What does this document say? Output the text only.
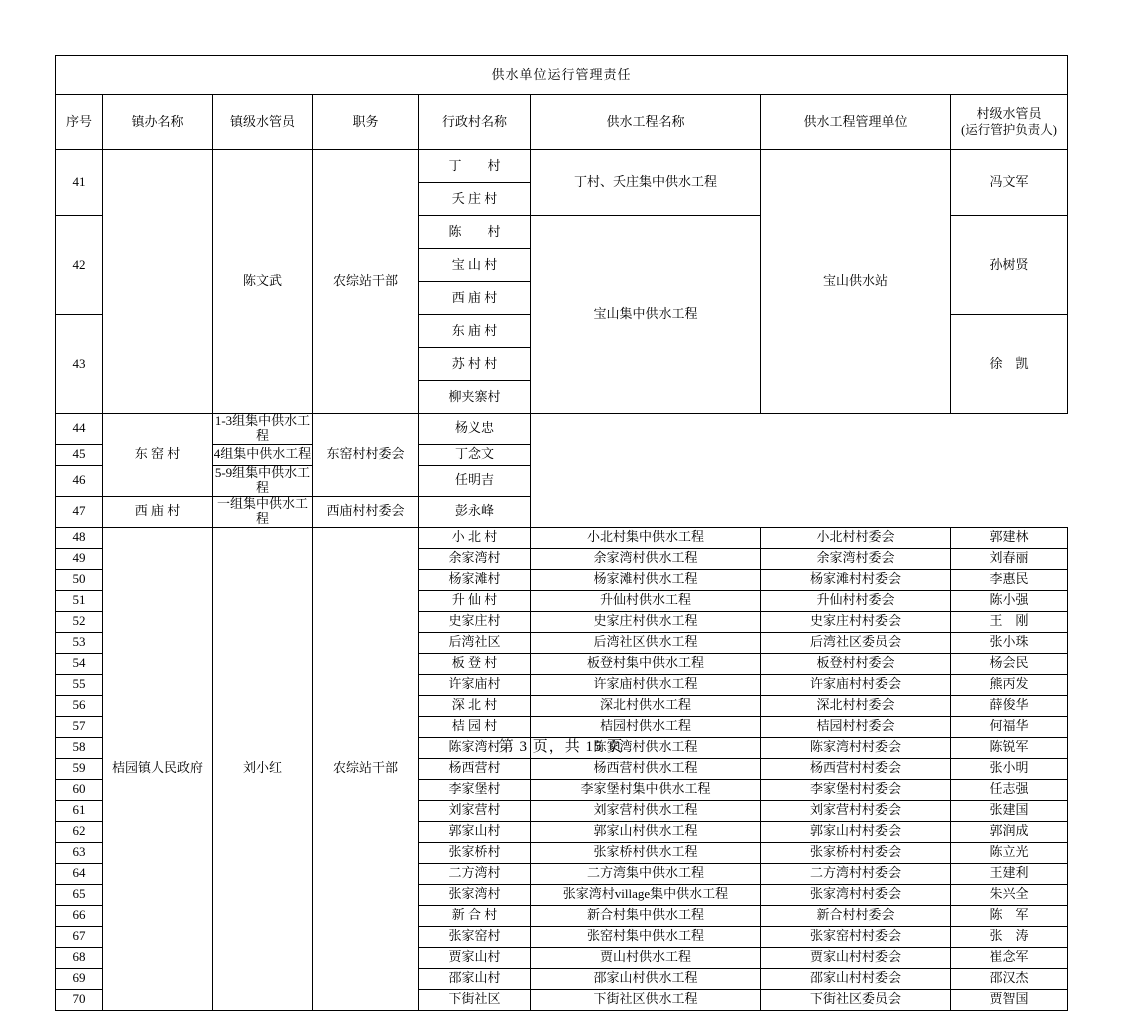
供水单位运行管理责任							
序号	镇办名称	镇级水管员	职务	行政村名称	供水工程名称	供水工程管理单位	村级水管员
(运行管护负责人)

41		陈文武	农综站干部	丁　　村	丁村、夭庄集中供水工程	宝山供水站	冯文军
				夭 庄 村			
42				陈　　村	宝山集中供水工程		孙树贤
				宝 山 村			
				西 庙 村			
43				东 庙 村			徐　凯
				苏 村 村			
				柳夹寨村			
44	东 窑 村	1-3组集中供水工程	东窑村村委会	杨义忠			
45		4组集中供水工程		丁念文			
46		5-9组集中供水工程		任明吉			
47	西 庙 村	一组集中供水工程	西庙村村委会	彭永峰			
48	桔园镇人民政府	刘小红	农综站干部	小 北 村	小北村集中供水工程	小北村村委会	郭建林
49				余家湾村	余家湾村供水工程	余家湾村委会	刘春丽
50				杨家滩村	杨家滩村供水工程	杨家滩村村委会	李惠民
51				升 仙 村	升仙村供水工程	升仙村村委会	陈小强
52				史家庄村	史家庄村供水工程	史家庄村村委会	王　刚
53				后湾社区	后湾社区供水工程	后湾社区委员会	张小珠
54				板 登 村	板登村集中供水工程	板登村村委会	杨会民
55				许家庙村	许家庙村供水工程	许家庙村村委会	熊丙发
56				深 北 村	深北村供水工程	深北村村委会	薛俊华
57				桔 园 村	桔园村供水工程	桔园村村委会	何福华
58				陈家湾村	陈家湾村供水工程	陈家湾村村委会	陈锐军
59				杨西营村	杨西营村供水工程	杨西营村村委会	张小明
60				李家堡村	李家堡村集中供水工程	李家堡村村委会	任志强
61				刘家营村	刘家营村供水工程	刘家营村村委会	张建国
62				郭家山村	郭家山村供水工程	郭家山村村委会	郭润成
63				张家桥村	张家桥村供水工程	张家桥村村委会	陈立光
64				二方湾村	二方湾集中供水工程	二方湾村村委会	王建利
65				张家湾村	张家湾村village集中供水工程	张家湾村村委会	朱兴全
66				新 合 村	新合村集中供水工程	新合村村委会	陈　军
67				张家窑村	张窑村集中供水工程	张家窑村村委会	张　涛
68				贾家山村	贾山村供水工程	贾家山村村委会	崔念军
69				邵家山村	邵家山村供水工程	邵家山村村委会	邵汉杰
70				下街社区	下街社区供水工程	下街社区委员会	贾智国
第 3 页，共 15 页
